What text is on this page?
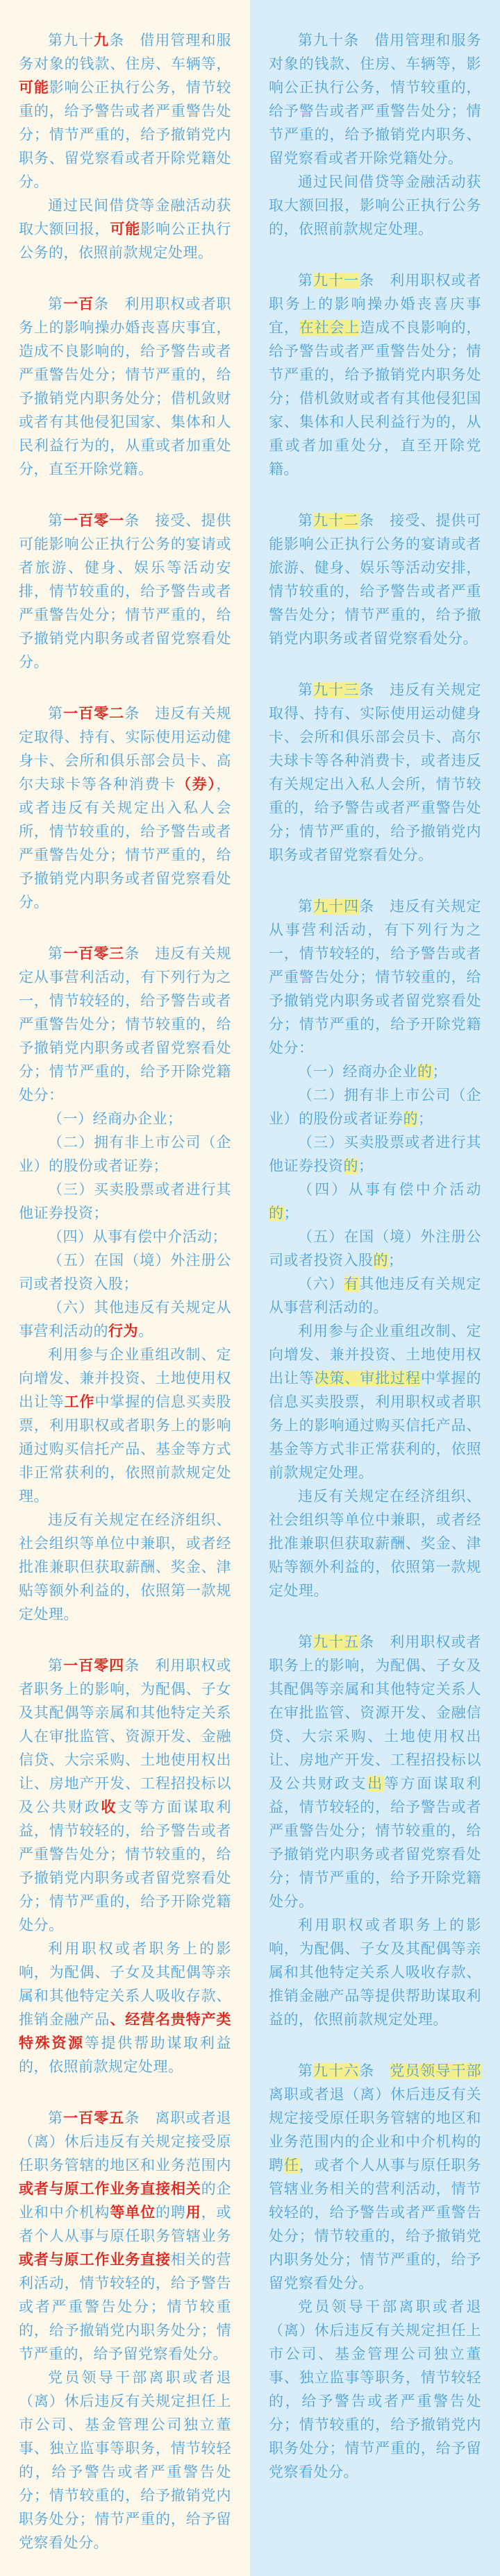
第九十九条　借用管理和服务对象的钱款、住房、车辆等，可能影响公正执行公务，情节较重的，给予警告或者严重警告处分；情节严重的，给予撤销党内职务、留党察看或者开除党籍处分。

通过民间借贷等金融活动获取大额回报，可能影响公正执行公务的，依照前款规定处理。

第一百条　利用职权或者职务上的影响操办婚丧喜庆事宜，造成不良影响的，给予警告或者严重警告处分；情节严重的，给予撤销党内职务处分；借机敛财或者有其他侵犯国家、集体和人民利益行为的，从重或者加重处分，直至开除党籍。

第一百零一条　接受、提供可能影响公正执行公务的宴请或者旅游、健身、娱乐等活动安排，情节较重的，给予警告或者严重警告处分；情节严重的，给予撤销党内职务或者留党察看处分。

第一百零二条　违反有关规定取得、持有、实际使用运动健身卡、会所和俱乐部会员卡、高尔夫球卡等各种消费卡（券），或者违反有关规定出入私人会所，情节较重的，给予警告或者严重警告处分；情节严重的，给予撤销党内职务或者留党察看处分。

第一百零三条　违反有关规定从事营利活动，有下列行为之一，情节较轻的，给予警告或者严重警告处分；情节较重的，给予撤销党内职务或者留党察看处分；情节严重的，给予开除党籍处分：

（一）经商办企业；

（二）拥有非上市公司（企业）的股份或者证券；

（三）买卖股票或者进行其他证券投资；

（四）从事有偿中介活动；

（五）在国（境）外注册公司或者投资入股；

（六）其他违反有关规定从事营利活动的行为。

利用参与企业重组改制、定向增发、兼并投资、土地使用权出让等工作中掌握的信息买卖股票，利用职权或者职务上的影响通过购买信托产品、基金等方式非正常获利的，依照前款规定处理。

违反有关规定在经济组织、社会组织等单位中兼职，或者经批准兼职但获取薪酬、奖金、津贴等额外利益的，依照第一款规定处理。

第一百零四条　利用职权或者职务上的影响，为配偶、子女及其配偶等亲属和其他特定关系人在审批监管、资源开发、金融信贷、大宗采购、土地使用权出让、房地产开发、工程招投标以及公共财政收支等方面谋取利益，情节较轻的，给予警告或者严重警告处分；情节较重的，给予撤销党内职务或者留党察看处分；情节严重的，给予开除党籍处分。

利用职权或者职务上的影响，为配偶、子女及其配偶等亲属和其他特定关系人吸收存款、推销金融产品、经营名贵特产类特殊资源等提供帮助谋取利益的，依照前款规定处理。

第一百零五条　离职或者退（离）休后违反有关规定接受原任职务管辖的地区和业务范围内或者与原工作业务直接相关的企业和中介机构等单位的聘用，或者个人从事与原任职务管辖业务或者与原工作业务直接相关的营利活动，情节较轻的，给予警告或者严重警告处分；情节较重的，给予撤销党内职务处分；情节严重的，给予留党察看处分。

党员领导干部离职或者退（离）休后违反有关规定担任上市公司、基金管理公司独立董事、独立监事等职务，情节较轻的，给予警告或者严重警告处分；情节较重的，给予撤销党内职务处分；情节严重的，给予留党察看处分。

第九十条　借用管理和服务对象的钱款、住房、车辆等，影响公正执行公务，情节较重的，给予警告或者严重警告处分；情节严重的，给予撤销党内职务、留党察看或者开除党籍处分。

通过民间借贷等金融活动获取大额回报，影响公正执行公务的，依照前款规定处理。

第九十一条　利用职权或者职务上的影响操办婚丧喜庆事宜，在社会上造成不良影响的，给予警告或者严重警告处分；情节严重的，给予撤销党内职务处分；借机敛财或者有其他侵犯国家、集体和人民利益行为的，从重或者加重处分，直至开除党籍。

第九十二条　接受、提供可能影响公正执行公务的宴请或者旅游、健身、娱乐等活动安排，情节较重的，给予警告或者严重警告处分；情节严重的，给予撤销党内职务或者留党察看处分。

第九十三条　违反有关规定取得、持有、实际使用运动健身卡、会所和俱乐部会员卡、高尔夫球卡等各种消费卡，或者违反有关规定出入私人会所，情节较重的，给予警告或者严重警告处分；情节严重的，给予撤销党内职务或者留党察看处分。

第九十四条　违反有关规定从事营利活动，有下列行为之一，情节较轻的，给予警告或者严重警告处分；情节较重的，给予撤销党内职务或者留党察看处分；情节严重的，给予开除党籍处分：

（一）经商办企业的；

（二）拥有非上市公司（企业）的股份或者证券的；

（三）买卖股票或者进行其他证券投资的；

（四）从事有偿中介活动的；

（五）在国（境）外注册公司或者投资入股的；

（六）有其他违反有关规定从事营利活动的。

利用参与企业重组改制、定向增发、兼并投资、土地使用权出让等决策、审批过程中掌握的信息买卖股票，利用职权或者职务上的影响通过购买信托产品、基金等方式非正常获利的，依照前款规定处理。

违反有关规定在经济组织、社会组织等单位中兼职，或者经批准兼职但获取薪酬、奖金、津贴等额外利益的，依照第一款规定处理。

第九十五条　利用职权或者职务上的影响，为配偶、子女及其配偶等亲属和其他特定关系人在审批监管、资源开发、金融信贷、大宗采购、土地使用权出让、房地产开发、工程招投标以及公共财政支出等方面谋取利益，情节较轻的，给予警告或者严重警告处分；情节较重的，给予撤销党内职务或者留党察看处分；情节严重的，给予开除党籍处分。

利用职权或者职务上的影响，为配偶、子女及其配偶等亲属和其他特定关系人吸收存款、推销金融产品等提供帮助谋取利益的，依照前款规定处理。

第九十六条　党员领导干部离职或者退（离）休后违反有关规定接受原任职务管辖的地区和业务范围内的企业和中介机构的聘任，或者个人从事与原任职务管辖业务相关的营利活动，情节较轻的，给予警告或者严重警告处分；情节较重的，给予撤销党内职务处分；情节严重的，给予留党察看处分。

党员领导干部离职或者退（离）休后违反有关规定担任上市公司、基金管理公司独立董事、独立监事等职务，情节较轻的，给予警告或者严重警告处分；情节较重的，给予撤销党内职务处分；情节严重的，给予留党察看处分。
